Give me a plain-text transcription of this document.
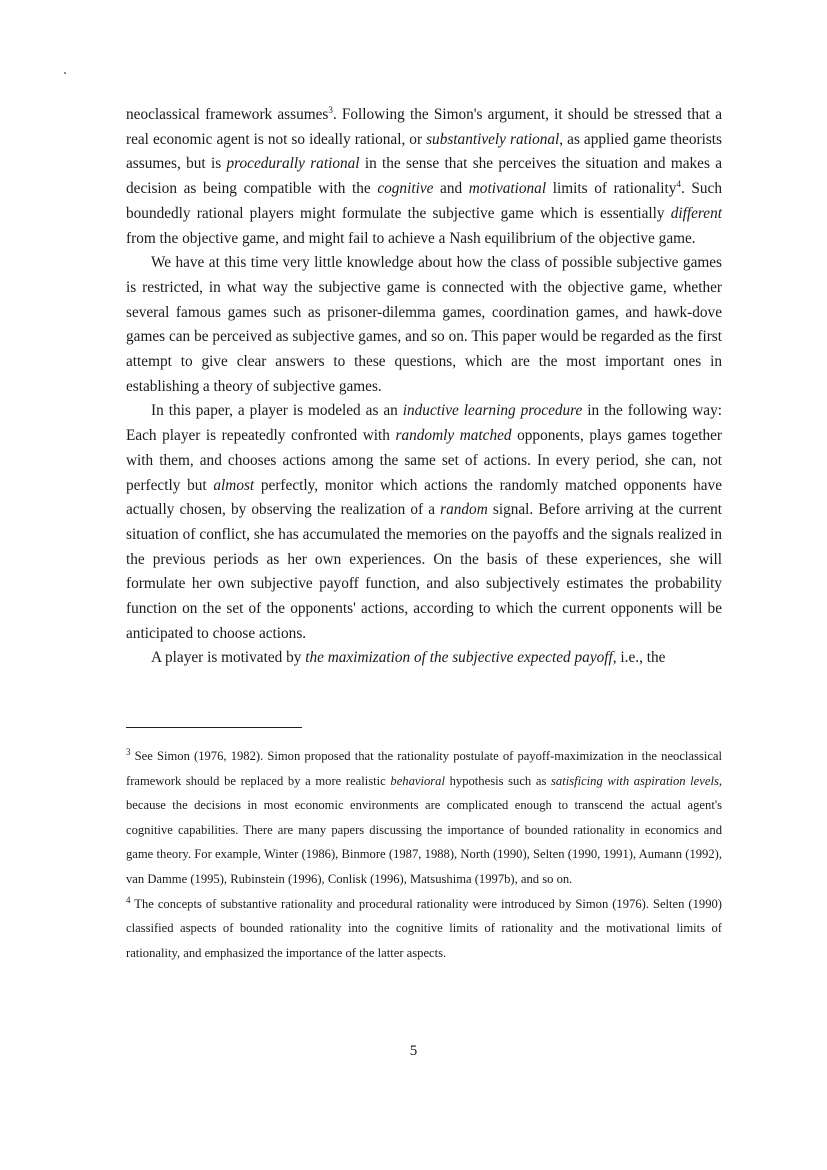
neoclassical framework assumes$^3$. Following the Simon's argument, it should be stressed that a real economic agent is not so ideally rational, or substantively rational, as applied game theorists assumes, but is procedurally rational in the sense that she perceives the situation and makes a decision as being compatible with the cognitive and motivational limits of rationality$^4$. Such boundedly rational players might formulate the subjective game which is essentially different from the objective game, and might fail to achieve a Nash equilibrium of the objective game.

We have at this time very little knowledge about how the class of possible subjective games is restricted, in what way the subjective game is connected with the objective game, whether several famous games such as prisoner-dilemma games, coordination games, and hawk-dove games can be perceived as subjective games, and so on. This paper would be regarded as the first attempt to give clear answers to these questions, which are the most important ones in establishing a theory of subjective games.

In this paper, a player is modeled as an inductive learning procedure in the following way: Each player is repeatedly confronted with randomly matched opponents, plays games together with them, and chooses actions among the same set of actions. In every period, she can, not perfectly but almost perfectly, monitor which actions the randomly matched opponents have actually chosen, by observing the realization of a random signal. Before arriving at the current situation of conflict, she has accumulated the memories on the payoffs and the signals realized in the previous periods as her own experiences. On the basis of these experiences, she will formulate her own subjective payoff function, and also subjectively estimates the probability function on the set of the opponents' actions, according to which the current opponents will be anticipated to choose actions.

A player is motivated by the maximization of the subjective expected payoff, i.e., the

$^3$ See Simon (1976, 1982). Simon proposed that the rationality postulate of payoff-maximization in the neoclassical framework should be replaced by a more realistic behavioral hypothesis such as satisficing with aspiration levels, because the decisions in most economic environments are complicated enough to transcend the actual agent's cognitive capabilities. There are many papers discussing the importance of bounded rationality in economics and game theory. For example, Winter (1986), Binmore (1987, 1988), North (1990), Selten (1990, 1991), Aumann (1992), van Damme (1995), Rubinstein (1996), Conlisk (1996), Matsushima (1997b), and so on.

$^4$ The concepts of substantive rationality and procedural rationality were introduced by Simon (1976). Selten (1990) classified aspects of bounded rationality into the cognitive limits of rationality and the motivational limits of rationality, and emphasized the importance of the latter aspects.

5
